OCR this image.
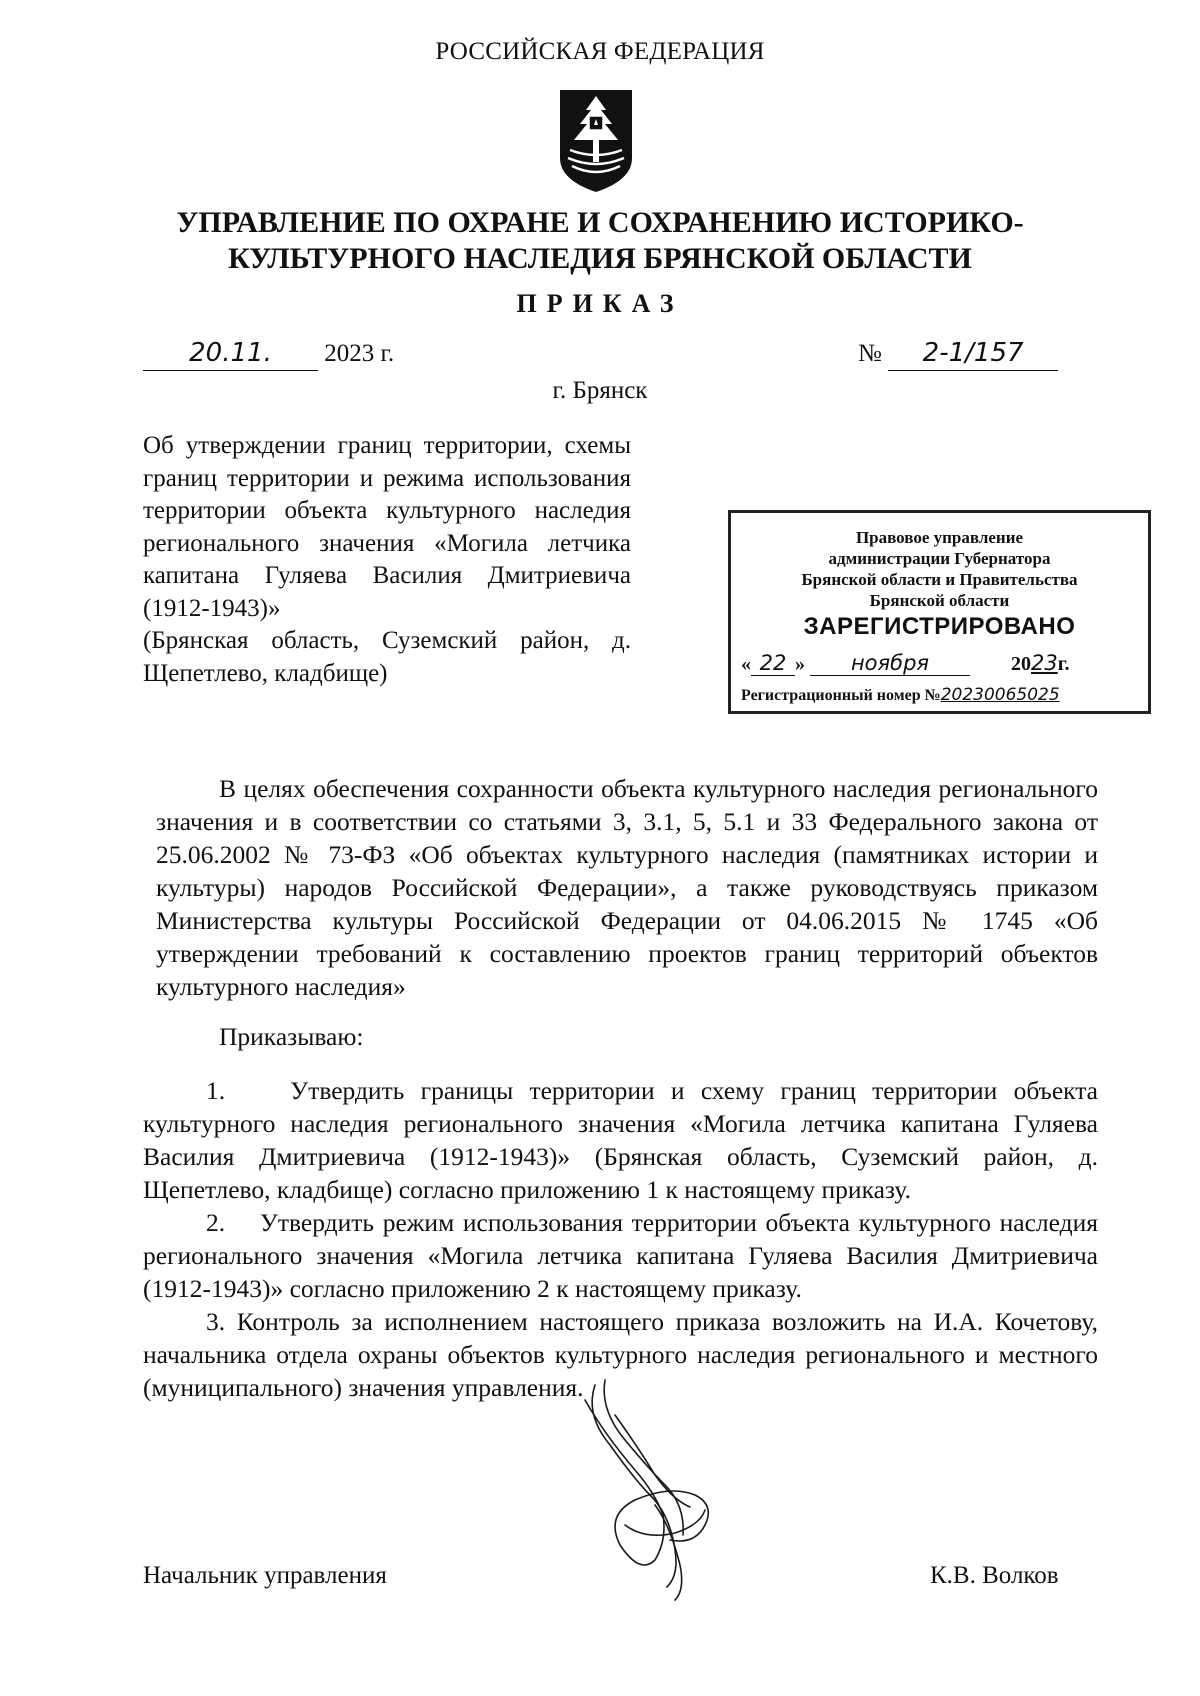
РОССИЙСКАЯ ФЕДЕРАЦИЯ
УПРАВЛЕНИЕ ПО ОХРАНЕ И СОХРАНЕНИЮ ИСТОРИКО-
КУЛЬТУРНОГО НАСЛЕДИЯ БРЯНСКОЙ ОБЛАСТИ
ПРИКАЗ
20.11. 2023 г.	№ 2-1/157
г. Брянск

Об утверждении границ территории, схемы границ территории и режима использования территории объекта культурного наследия регионального значения «Могила летчика капитана Гуляева Василия Дмитриевича (1912-1943)»

(Брянская область, Суземский район, д. Щепетлево, кладбище)

Правовое управление
администрации Губернатора
Брянской области и Правительства
Брянской области
ЗАРЕГИСТРИРОВАНО
« 22 » ноября	2023г.
Регистрационный номер №20230065025

В целях обеспечения сохранности объекта культурного наследия регионального значения и в соответствии со статьями 3, 3.1, 5, 5.1 и 33 Федерального закона от 25.06.2002 № 73-ФЗ «Об объектах культурного наследия (памятниках истории и культуры) народов Российской Федерации», а также руководствуясь приказом Министерства культуры Российской Федерации от 04.06.2015 № 1745 «Об утверждении требований к составлению проектов границ территорий объектов культурного наследия»

Приказываю:

1.    Утвердить границы территории и схему границ территории объекта культурного наследия регионального значения «Могила летчика капитана Гуляева Василия Дмитриевича (1912-1943)» (Брянская область, Суземский район, д. Щепетлево, кладбище) согласно приложению 1 к настоящему приказу.

2.    Утвердить режим использования территории объекта культурного наследия регионального значения «Могила летчика капитана Гуляева Василия Дмитриевича (1912-1943)» согласно приложению 2 к настоящему приказу.

3. Контроль за исполнением настоящего приказа возложить на И.А. Кочетову, начальника отдела охраны объектов культурного наследия регионального и местного (муниципального) значения управления.

Начальник управления	К.В. Волков
